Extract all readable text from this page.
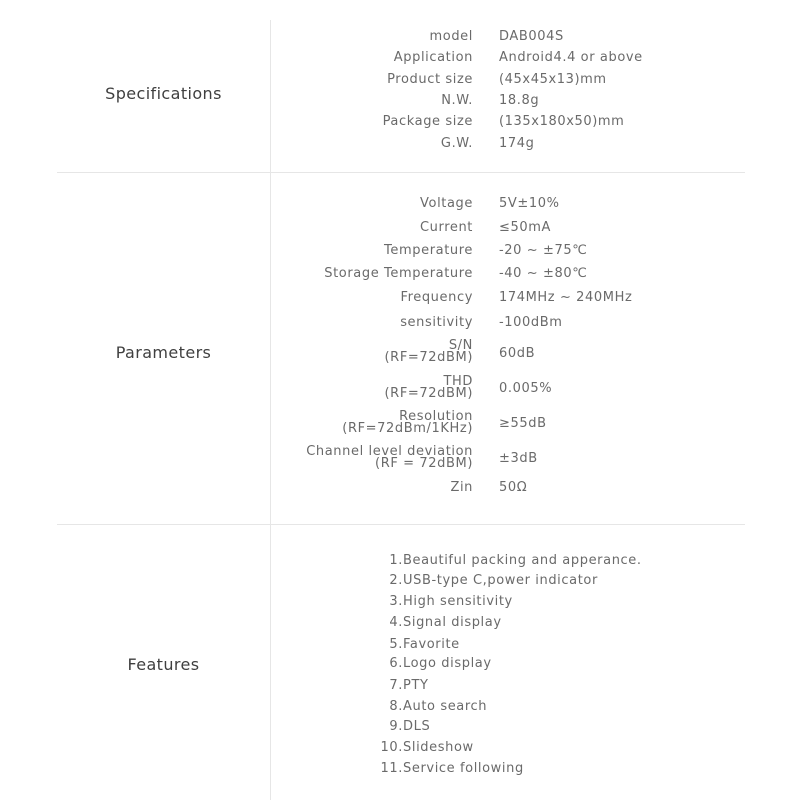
Specifications
model DAB004S
Application Android4.4 or above
Product size (45x45x13)mm
N.W. 18.8g
Package size (135x180x50)mm
G.W. 174g
Parameters
Voltage 5V±10%
Current ≤50mA
Temperature -20 ~ ±75℃
Storage Temperature -40 ~ ±80℃
Frequency 174MHz ~ 240MHz
sensitivity -100dBm
S/N
(RF=72dBM) 60dB
THD
(RF=72dBM) 0.005%
Resolution
(RF=72dBm/1KHz) ≥55dB
Channel level deviation
(RF = 72dBM) ±3dB
Zin 50Ω
Features
1.Beautiful packing and apperance.
2.USB-type C,power indicator
3.High sensitivity
4.Signal display
5.Favorite
6.Logo display
7.PTY
8.Auto search
9.DLS
10.Slideshow
11.Service following
